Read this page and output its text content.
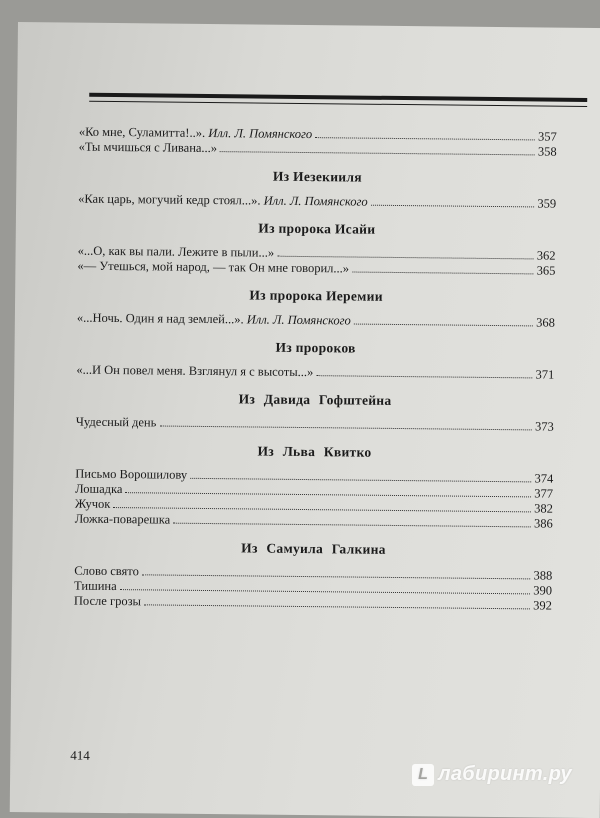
«Ко мне, Суламитта!..». Илл. Л. Помянского	357
«Ты мчишься с Ливана...»	358
Из Иезекииля
«Как царь, могучий кедр стоял...». Илл. Л. Помянского	359
Из пророка Исайи
«...О, как вы пали. Лежите в пыли...»	362
«— Утешься, мой народ, — так Он мне говорил...»	365
Из пророка Иеремии
«...Ночь. Один я над землей...». Илл. Л. Помянского	368
Из пророков
«...И Он повел меня. Взглянул я с высоты...»	371
Из Давида Гофштейна
Чудесный день	373
Из Льва Квитко
Письмо Ворошилову	374
Лошадка	377
Жучок	382
Ложка-поварешка	386
Из Самуила Галкина
Слово свято	388
Тишина	390
После грозы	392
414
L лабиринт.ру
